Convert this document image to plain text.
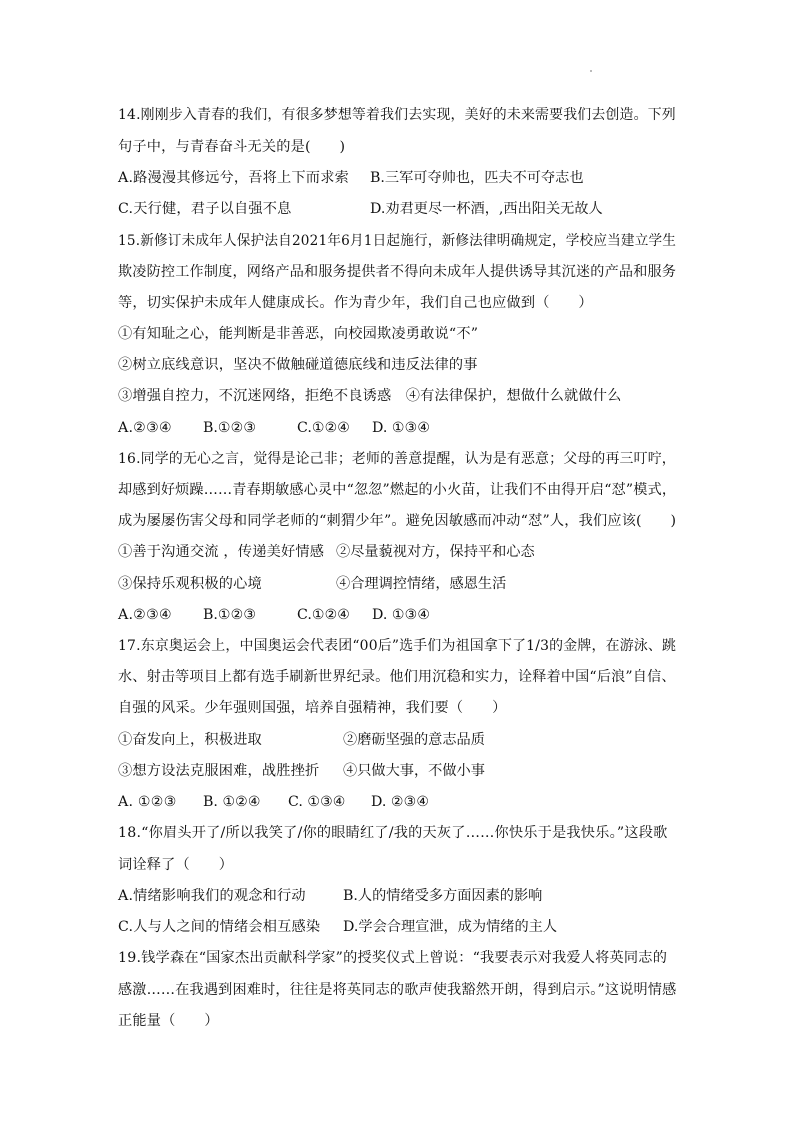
14.刚刚步入青春的我们，有很多梦想等着我们去实现，美好的未来需要我们去创造。下列
句子中，与青春奋斗无关的是(　　)
A.路漫漫其修远兮，吾将上下而求索 B.三军可夺帅也，匹夫不可夺志也
C.天行健，君子以自强不息	D.劝君更尽一杯酒，,西出阳关无故人
15.新修订未成年人保护法自2021年6月1日起施行，新修法律明确规定，学校应当建立学生
欺凌防控工作制度，网络产品和服务提供者不得向未成年人提供诱导其沉迷的产品和服务
等，切实保护未成年人健康成长。作为青少年，我们自己也应做到（　　）
①有知耻之心，能判断是非善恶，向校园欺凌勇敢说“不”
②树立底线意识，坚决不做触碰道德底线和违反法律的事
③增强自控力，不沉迷网络，拒绝不良诱惑　④有法律保护，想做什么就做什么
A.②③④ B.①②③	C.①②④ D. ①③④
16.同学的无心之言，觉得是论己非；老师的善意提醒，认为是有恶意；父母的再三叮咛，
却感到好烦躁……青春期敏感心灵中“忽忽”燃起的小火苗，让我们不由得开启“怼”模式，
成为屡屡伤害父母和同学老师的“刺猬少年”。避免因敏感而冲动“怼”人，我们应该(　　)
①善于沟通交流 ，传递美好情感 ②尽量藐视对方，保持平和心态
③保持乐观积极的心境	④合理调控情绪，感恩生活
A.②③④ B.①②③	C.①②④ D. ①③④
17.东京奥运会上，中国奥运会代表团“00后”选手们为祖国拿下了1/3的金牌，在游泳、跳
水、射击等项目上都有选手刷新世界纪录。他们用沉稳和实力，诠释着中国“后浪”自信、
自强的风采。少年强则国强，培养自强精神，我们要（　　）
①奋发向上，积极进取	②磨砺坚强的意志品质
③想方设法克服困难，战胜挫折 ④只做大事，不做小事
A. ①②③ B. ①②④ C. ①③④ D. ②③④
18.“你眉头开了/所以我笑了/你的眼睛红了/我的天灰了……你快乐于是我快乐。”这段歌
词诠释了（　　）
A.情绪影响我们的观念和行动	B.人的情绪受多方面因素的影响
C.人与人之间的情绪会相互感染 D.学会合理宣泄，成为情绪的主人
19.钱学森在“国家杰出贡献科学家”的授奖仪式上曾说：“我要表示对我爱人将英同志的
感激……在我遇到困难时，往往是将英同志的歌声使我豁然开朗，得到启示。”这说明情感
正能量（　　）
